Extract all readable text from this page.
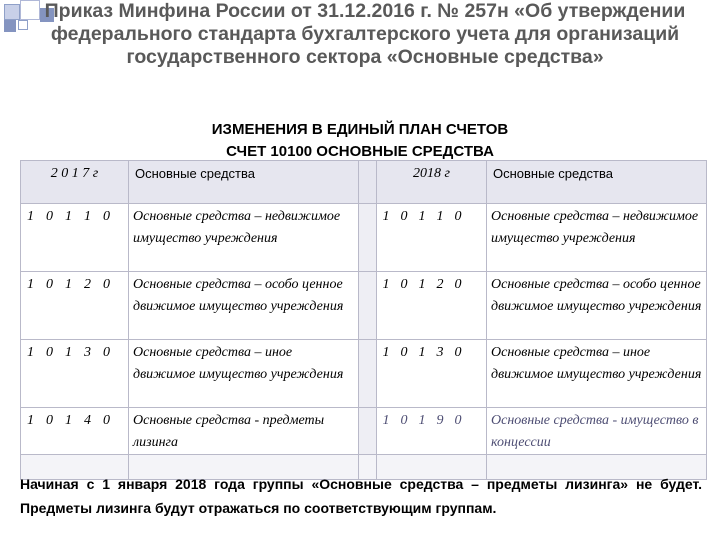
Приказ Минфина России от 31.12.2016 г. № 257н «Об утверждении федерального стандарта бухгалтерского учета для организаций государственного сектора «Основные средства»
ИЗМЕНЕНИЯ В ЕДИНЫЙ ПЛАН СЧЕТОВ
СЧЕТ 10100 ОСНОВНЫЕ СРЕДСТВА
2 0 1 7 г	Основные средства		2018 г	Основные средства
1 0 1 1 0	Основные средства – недвижимое имущество учреждения		1 0 1 1 0	Основные средства – недвижимое имущество учреждения
1 0 1 2 0	Основные средства – особо ценное движимое имущество учреждения		1 0 1 2 0	Основные средства – особо ценное движимое имущество учреждения
1 0 1 3 0	Основные средства – иное движимое имущество учреждения		1 0 1 3 0	Основные средства – иное движимое имущество учреждения
1 0 1 4 0	Основные средства - предметы лизинга		1 0 1 9 0	Основные средства - имущество в концессии

Начиная с 1 января 2018 года группы «Основные средства – предметы лизинга» не будет. Предметы лизинга будут отражаться по соответствующим группам.
